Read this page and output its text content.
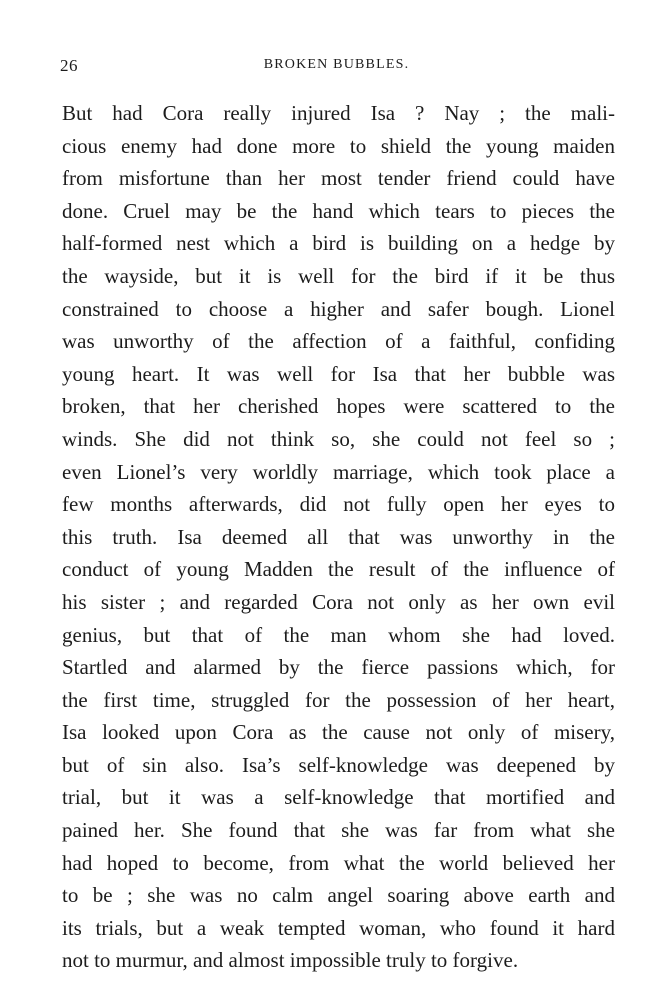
26	BROKEN BUBBLES.
But had Cora really injured Isa ? Nay ; the mali-
cious enemy had done more to shield the young maiden
from misfortune than her most tender friend could have
done. Cruel may be the hand which tears to pieces the
half-formed nest which a bird is building on a hedge by
the wayside, but it is well for the bird if it be thus
constrained to choose a higher and safer bough. Lionel
was unworthy of the affection of a faithful, confiding
young heart. It was well for Isa that her bubble was
broken, that her cherished hopes were scattered to the
winds. She did not think so, she could not feel so ;
even Lionel’s very worldly marriage, which took place a
few months afterwards, did not fully open her eyes to
this truth. Isa deemed all that was unworthy in the
conduct of young Madden the result of the influence of
his sister ; and regarded Cora not only as her own evil
genius, but that of the man whom she had loved.
Startled and alarmed by the fierce passions which, for
the first time, struggled for the possession of her heart,
Isa looked upon Cora as the cause not only of misery,
but of sin also. Isa’s self-knowledge was deepened by
trial, but it was a self-knowledge that mortified and
pained her. She found that she was far from what she
had hoped to become, from what the world believed her
to be ; she was no calm angel soaring above earth and
its trials, but a weak tempted woman, who found it hard
not to murmur, and almost impossible truly to forgive.
